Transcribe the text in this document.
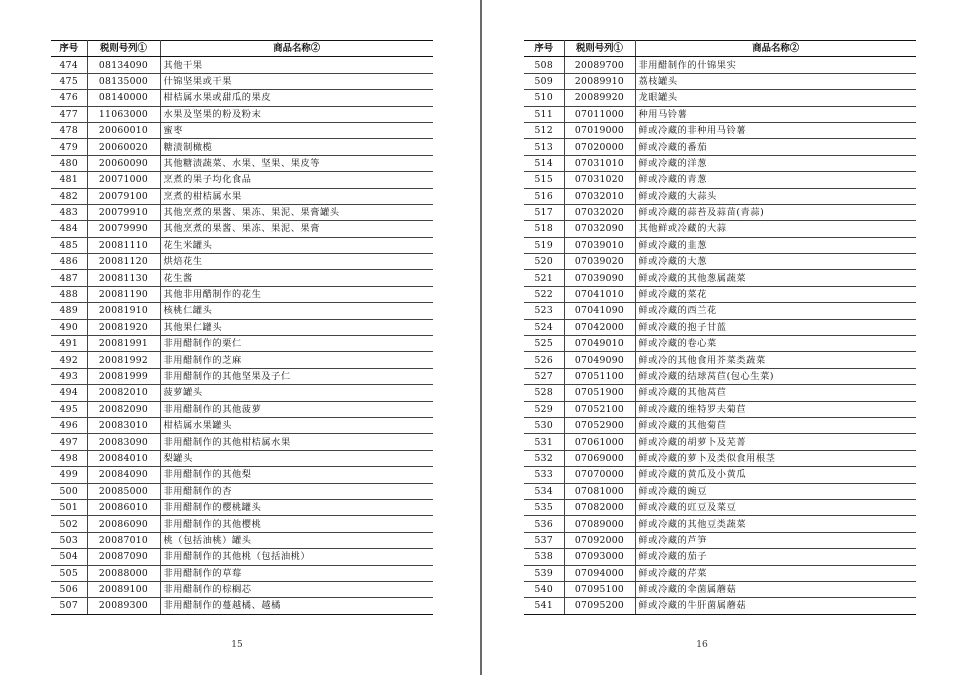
序号	税则号列①	商品名称②
474	08134090	其他干果
475	08135000	什锦坚果或干果
476	08140000	柑桔属水果或甜瓜的果皮
477	11063000	水果及坚果的粉及粉末
478	20060010	蜜枣
479	20060020	糖渍制橄榄
480	20060090	其他糖渍蔬菜、水果、坚果、果皮等
481	20071000	烹煮的果子均化食品
482	20079100	烹煮的柑桔属水果
483	20079910	其他烹煮的果酱、果冻、果泥、果膏罐头
484	20079990	其他烹煮的果酱、果冻、果泥、果膏
485	20081110	花生米罐头
486	20081120	烘焙花生
487	20081130	花生酱
488	20081190	其他非用醋制作的花生
489	20081910	核桃仁罐头
490	20081920	其他果仁罐头
491	20081991	非用醋制作的栗仁
492	20081992	非用醋制作的芝麻
493	20081999	非用醋制作的其他坚果及子仁
494	20082010	菠萝罐头
495	20082090	非用醋制作的其他菠萝
496	20083010	柑桔属水果罐头
497	20083090	非用醋制作的其他柑桔属水果
498	20084010	梨罐头
499	20084090	非用醋制作的其他梨
500	20085000	非用醋制作的杏
501	20086010	非用醋制作的樱桃罐头
502	20086090	非用醋制作的其他樱桃
503	20087010	桃（包括油桃）罐头
504	20087090	非用醋制作的其他桃（包括油桃）
505	20088000	非用醋制作的草莓
506	20089100	非用醋制作的棕榈芯
507	20089300	非用醋制作的蔓越橘、越橘
15
序号	税则号列①	商品名称②
508	20089700	非用醋制作的什锦果实
509	20089910	荔枝罐头
510	20089920	龙眼罐头
511	07011000	种用马铃薯
512	07019000	鲜或冷藏的非种用马铃薯
513	07020000	鲜或冷藏的番茄
514	07031010	鲜或冷藏的洋葱
515	07031020	鲜或冷藏的青葱
516	07032010	鲜或冷藏的大蒜头
517	07032020	鲜或冷藏的蒜苔及蒜苗(青蒜)
518	07032090	其他鲜或冷藏的大蒜
519	07039010	鲜或冷藏的韭葱
520	07039020	鲜或冷藏的大葱
521	07039090	鲜或冷藏的其他葱属蔬菜
522	07041010	鲜或冷藏的菜花
523	07041090	鲜或冷藏的西兰花
524	07042000	鲜或冷藏的抱子甘蓝
525	07049010	鲜或冷藏的卷心菜
526	07049090	鲜或冷的其他食用芥菜类蔬菜
527	07051100	鲜或冷藏的结球莴苣(包心生菜)
528	07051900	鲜或冷藏的其他莴苣
529	07052100	鲜或冷藏的维特罗夫菊苣
530	07052900	鲜或冷藏的其他菊苣
531	07061000	鲜或冷藏的胡萝卜及芜菁
532	07069000	鲜或冷藏的萝卜及类似食用根茎
533	07070000	鲜或冷藏的黄瓜及小黄瓜
534	07081000	鲜或冷藏的豌豆
535	07082000	鲜或冷藏的豇豆及菜豆
536	07089000	鲜或冷藏的其他豆类蔬菜
537	07092000	鲜或冷藏的芦笋
538	07093000	鲜或冷藏的茄子
539	07094000	鲜或冷藏的芹菜
540	07095100	鲜或冷藏的伞菌属蘑菇
541	07095200	鲜或冷藏的牛肝菌属蘑菇
16
